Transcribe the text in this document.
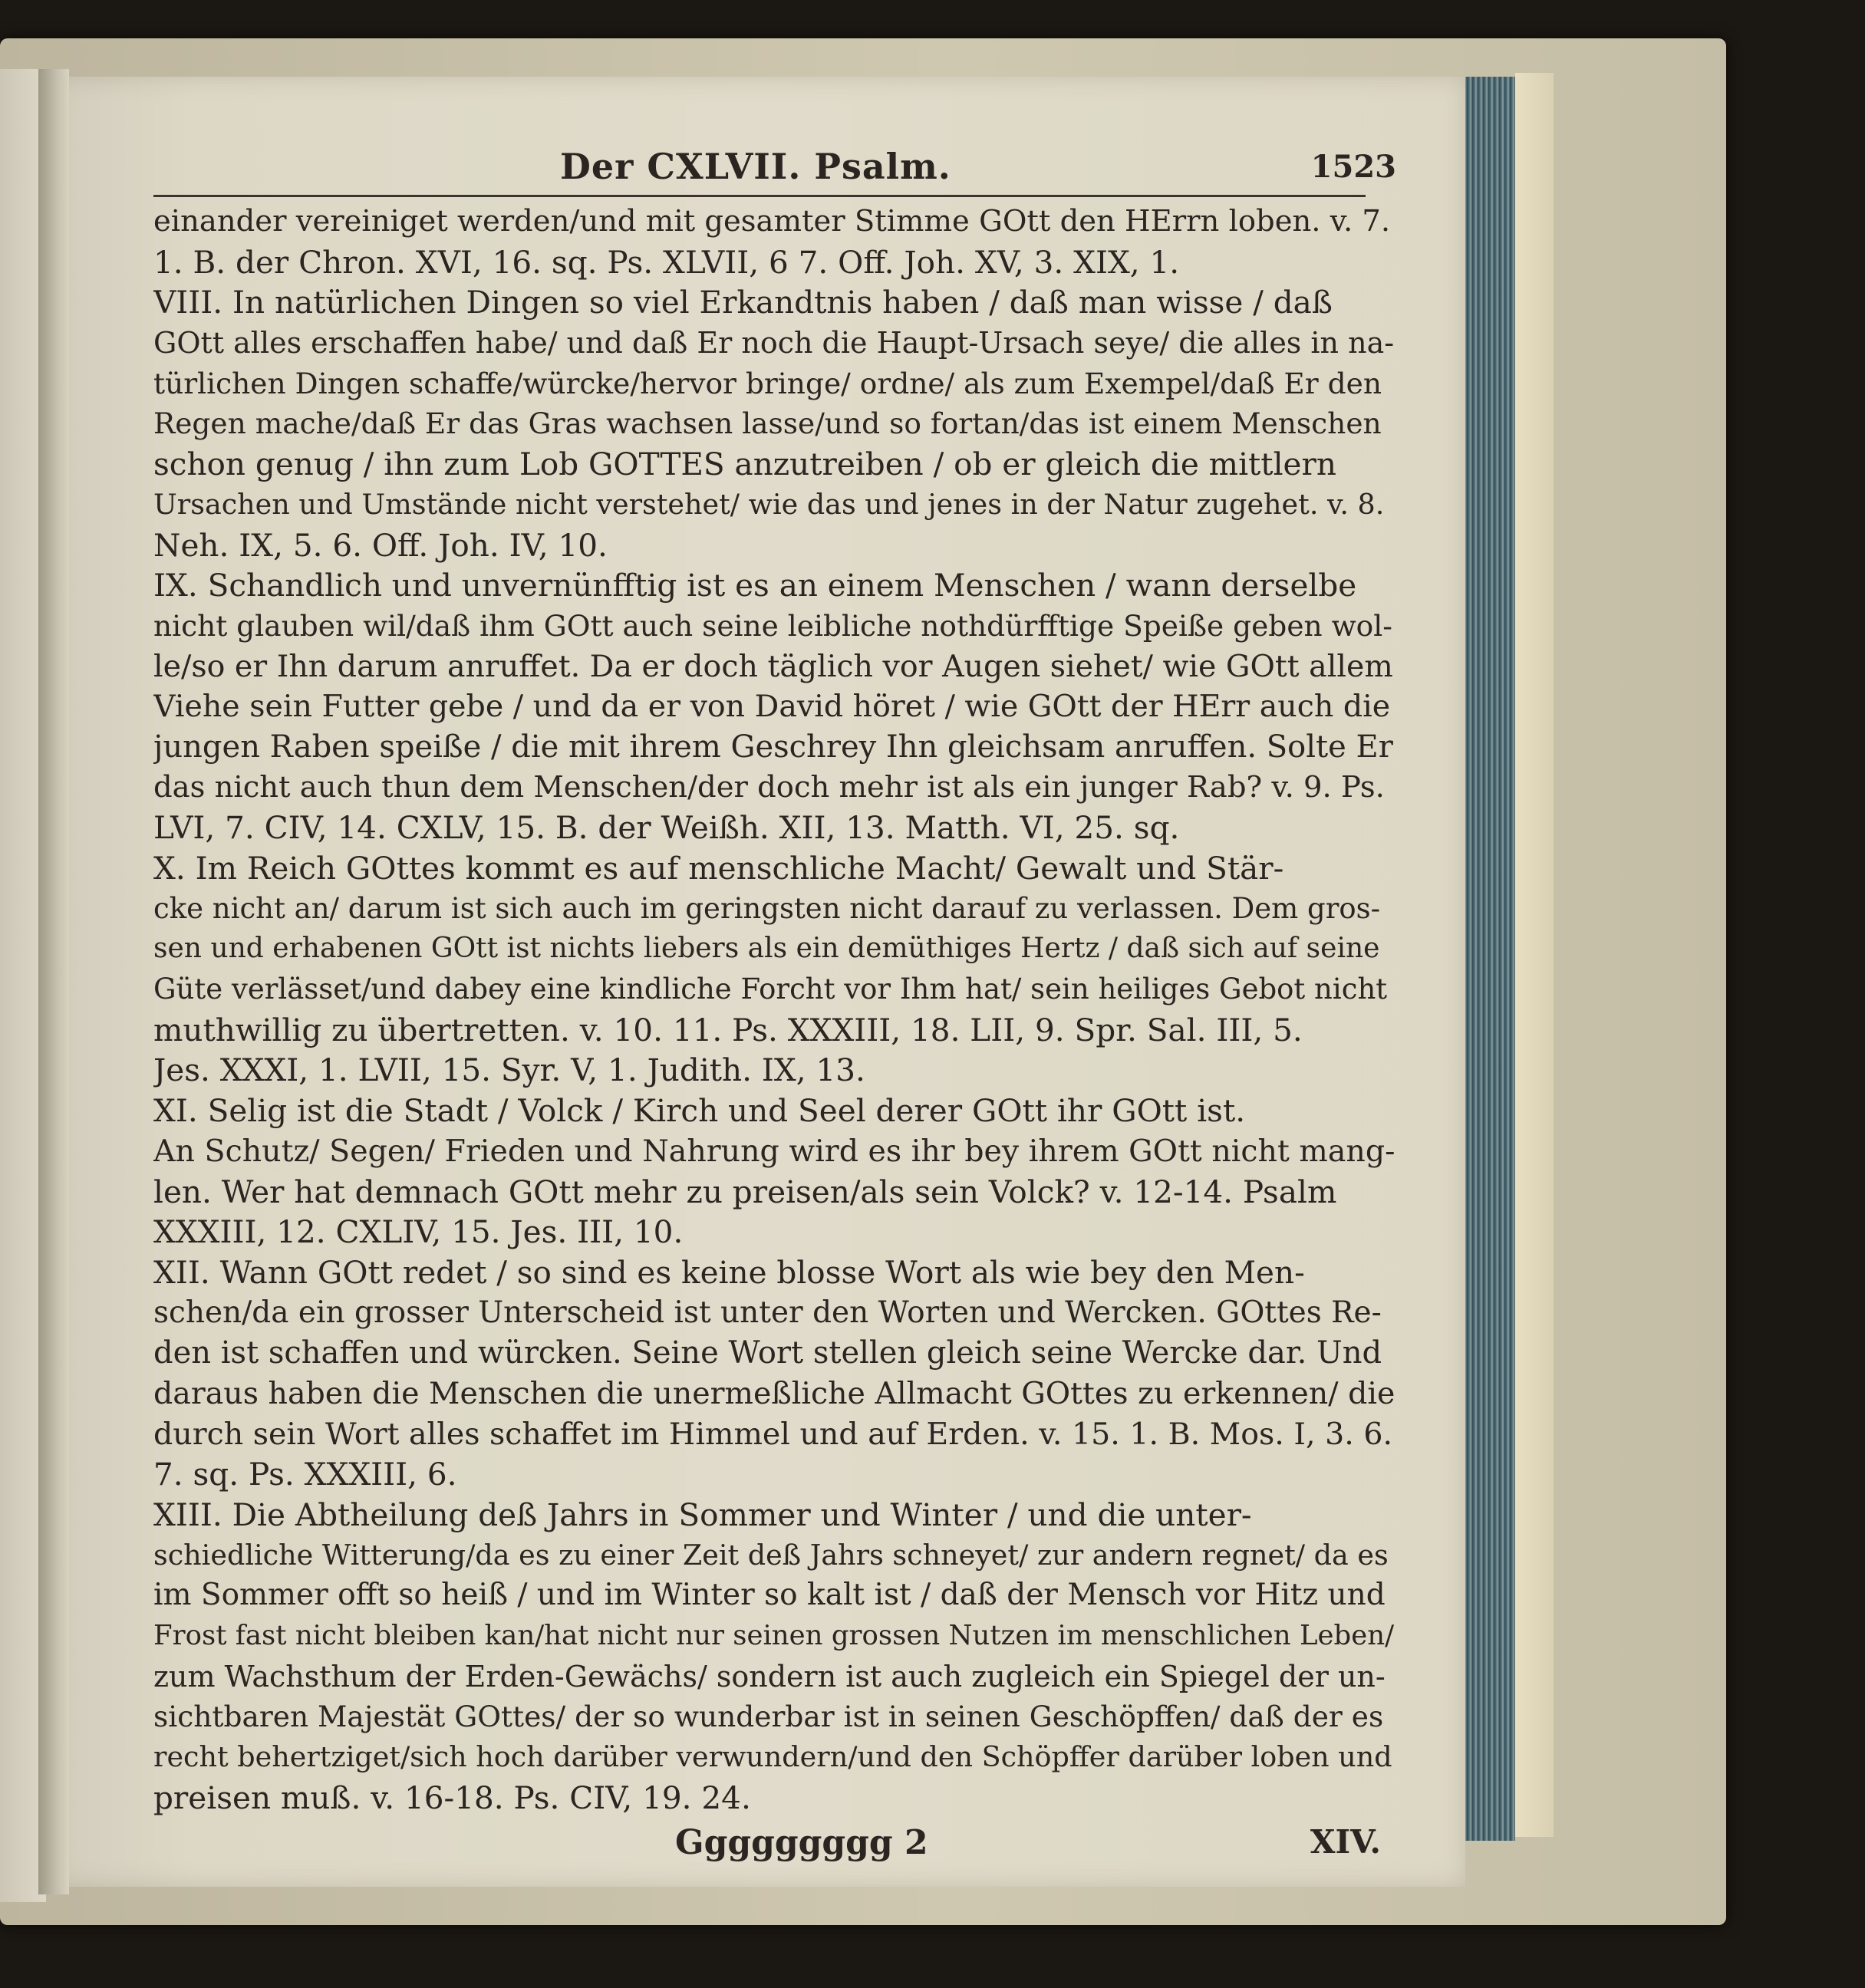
Der CXLVII. Psalm.	1523
einander vereiniget werden/und mit gesamter Stimme GOtt den HErrn loben. v. 7.
1. B. der Chron. XVI, 16. sq. Ps. XLVII, 6 7. Off. Joh. XV, 3. XIX, 1.
VIII. In natürlichen Dingen so viel Erkandtnis haben / daß man wisse / daß
GOtt alles erschaffen habe/ und daß Er noch die Haupt-Ursach seye/ die alles in na-
türlichen Dingen schaffe/würcke/hervor bringe/ ordne/ als zum Exempel/daß Er den
Regen mache/daß Er das Gras wachsen lasse/und so fortan/das ist einem Menschen
schon genug / ihn zum Lob GOTTES anzutreiben / ob er gleich die mittlern
Ursachen und Umstände nicht verstehet/ wie das und jenes in der Natur zugehet. v. 8.
Neh. IX, 5. 6. Off. Joh. IV, 10.
IX. Schandlich und unvernünfftig ist es an einem Menschen / wann derselbe
nicht glauben wil/daß ihm GOtt auch seine leibliche nothdürfftige Speiße geben wol-
le/so er Ihn darum anruffet. Da er doch täglich vor Augen siehet/ wie GOtt allem
Viehe sein Futter gebe / und da er von David höret / wie GOtt der HErr auch die
jungen Raben speiße / die mit ihrem Geschrey Ihn gleichsam anruffen. Solte Er
das nicht auch thun dem Menschen/der doch mehr ist als ein junger Rab? v. 9. Ps.
LVI, 7. CIV, 14. CXLV, 15. B. der Weißh. XII, 13. Matth. VI, 25. sq.
X. Im Reich GOttes kommt es auf menschliche Macht/ Gewalt und Stär-
cke nicht an/ darum ist sich auch im geringsten nicht darauf zu verlassen. Dem gros-
sen und erhabenen GOtt ist nichts liebers als ein demüthiges Hertz / daß sich auf seine
Güte verlässet/und dabey eine kindliche Forcht vor Ihm hat/ sein heiliges Gebot nicht
muthwillig zu übertretten. v. 10. 11. Ps. XXXIII, 18. LII, 9. Spr. Sal. III, 5.
Jes. XXXI, 1. LVII, 15. Syr. V, 1. Judith. IX, 13.
XI. Selig ist die Stadt / Volck / Kirch und Seel derer GOtt ihr GOtt ist.
An Schutz/ Segen/ Frieden und Nahrung wird es ihr bey ihrem GOtt nicht mang-
len. Wer hat demnach GOtt mehr zu preisen/als sein Volck? v. 12-14. Psalm
XXXIII, 12. CXLIV, 15. Jes. III, 10.
XII. Wann GOtt redet / so sind es keine blosse Wort als wie bey den Men-
schen/da ein grosser Unterscheid ist unter den Worten und Wercken. GOttes Re-
den ist schaffen und würcken. Seine Wort stellen gleich seine Wercke dar. Und
daraus haben die Menschen die unermeßliche Allmacht GOttes zu erkennen/ die
durch sein Wort alles schaffet im Himmel und auf Erden. v. 15. 1. B. Mos. I, 3. 6.
7. sq. Ps. XXXIII, 6.
XIII. Die Abtheilung deß Jahrs in Sommer und Winter / und die unter-
schiedliche Witterung/da es zu einer Zeit deß Jahrs schneyet/ zur andern regnet/ da es
im Sommer offt so heiß / und im Winter so kalt ist / daß der Mensch vor Hitz und
Frost fast nicht bleiben kan/hat nicht nur seinen grossen Nutzen im menschlichen Leben/
zum Wachsthum der Erden-Gewächs/ sondern ist auch zugleich ein Spiegel der un-
sichtbaren Majestät GOttes/ der so wunderbar ist in seinen Geschöpffen/ daß der es
recht behertziget/sich hoch darüber verwundern/und den Schöpffer darüber loben und
preisen muß. v. 16-18. Ps. CIV, 19. 24.
Ggggggggg 2	XIV.
